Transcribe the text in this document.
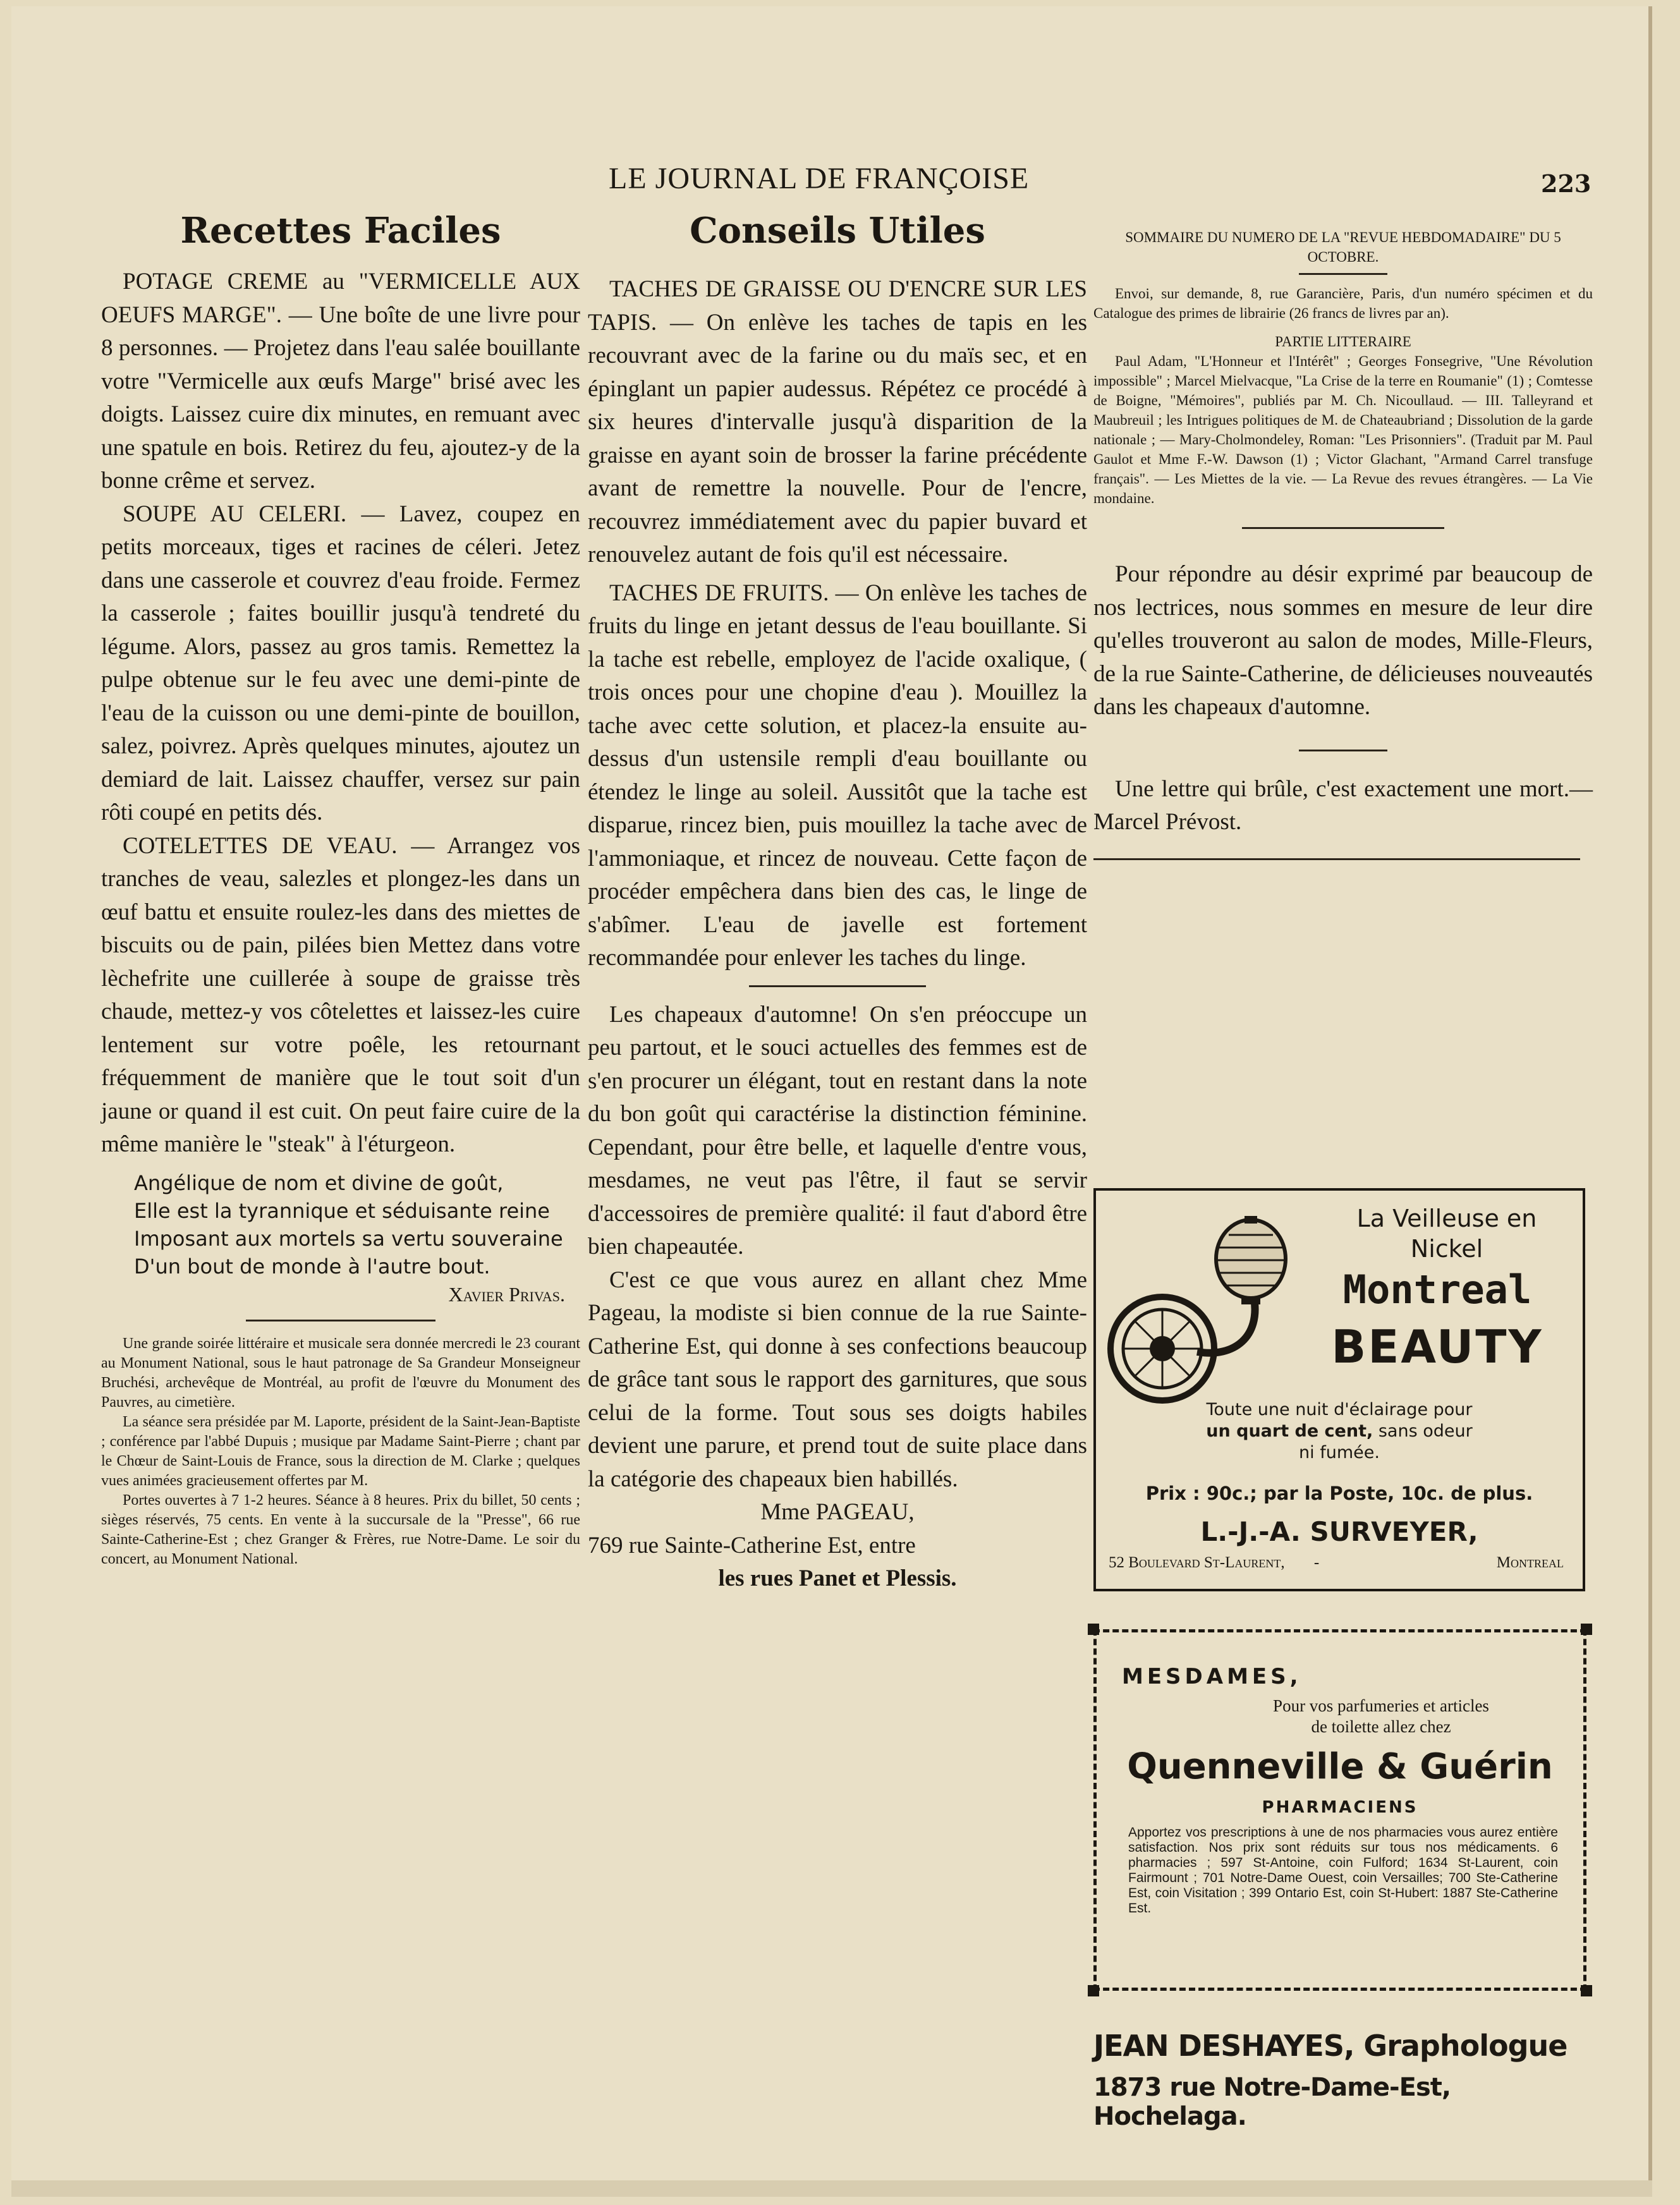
LE JOURNAL DE FRANÇOISE	223
Recettes Faciles

POTAGE CREME au "VERMICELLE AUX OEUFS MARGE". — Une boîte de une livre pour 8 personnes. — Projetez dans l'eau salée bouillante votre "Vermicelle aux œufs Marge" brisé avec les doigts. Laissez cuire dix minutes, en remuant avec une spatule en bois. Retirez du feu, ajoutez-y de la bonne crême et servez.

SOUPE AU CELERI. — Lavez, coupez en petits morceaux, tiges et racines de céleri. Jetez dans une casserole et couvrez d'eau froide. Fermez la casserole ; faites bouillir jusqu'à tendreté du légume. Alors, passez au gros tamis. Remettez la pulpe obtenue sur le feu avec une demi-pinte de l'eau de la cuisson ou une demi-pinte de bouillon, salez, poivrez. Après quelques minutes, ajoutez un demiard de lait. Laissez chauffer, versez sur pain rôti coupé en petits dés.

COTELETTES DE VEAU. — Arrangez vos tranches de veau, salezles et plongez-les dans un œuf battu et ensuite roulez-les dans des miettes de biscuits ou de pain, pilées bien Mettez dans votre lèchefrite une cuillerée à soupe de graisse très chaude, mettez-y vos côtelettes et laissez-les cuire lentement sur votre poêle, les retournant fréquemment de manière que le tout soit d'un jaune or quand il est cuit. On peut faire cuire de la même manière le "steak" à l'éturgeon.

Angélique de nom et divine de goût,

Elle est la tyrannique et séduisante reine

Imposant aux mortels sa vertu souveraine

D'un bout de monde à l'autre bout.

Xavier Privas.

Une grande soirée littéraire et musicale sera donnée mercredi le 23 courant au Monument National, sous le haut patronage de Sa Grandeur Monseigneur Bruchési, archevêque de Montréal, au profit de l'œuvre du Monument des Pauvres, au cimetière.

La séance sera présidée par M. Laporte, président de la Saint-Jean-Baptiste ; conférence par l'abbé Dupuis ; musique par Madame Saint-Pierre ; chant par le Chœur de Saint-Louis de France, sous la direction de M. Clarke ; quelques vues animées gracieusement offertes par M.

Portes ouvertes à 7 1-2 heures. Séance à 8 heures. Prix du billet, 50 cents ; sièges réservés, 75 cents. En vente à la succursale de la "Presse", 66 rue Sainte-Catherine-Est ; chez Granger & Frères, rue Notre-Dame. Le soir du concert, au Monument National.

Conseils Utiles

TACHES DE GRAISSE OU D'ENCRE SUR LES TAPIS. — On enlève les taches de tapis en les recouvrant avec de la farine ou du maïs sec, et en épinglant un papier audessus. Répétez ce procédé à six heures d'intervalle jusqu'à disparition de la graisse en ayant soin de brosser la farine précédente avant de remettre la nouvelle. Pour de l'encre, recouvrez immédiatement avec du papier buvard et renouvelez autant de fois qu'il est nécessaire.

TACHES DE FRUITS. — On enlève les taches de fruits du linge en jetant dessus de l'eau bouillante. Si la tache est rebelle, employez de l'acide oxalique, ( trois onces pour une chopine d'eau ). Mouillez la tache avec cette solution, et placez-la ensuite au-dessus d'un ustensile rempli d'eau bouillante ou étendez le linge au soleil. Aussitôt que la tache est disparue, rincez bien, puis mouillez la tache avec de l'ammoniaque, et rincez de nouveau. Cette façon de procéder empêchera dans bien des cas, le linge de s'abîmer. L'eau de javelle est fortement recommandée pour enlever les taches du linge.

Les chapeaux d'automne! On s'en préoccupe un peu partout, et le souci actuelles des femmes est de s'en procurer un élégant, tout en restant dans la note du bon goût qui caractérise la distinction féminine. Cependant, pour être belle, et laquelle d'entre vous, mesdames, ne veut pas l'être, il faut se servir d'accessoires de première qualité: il faut d'abord être bien chapeautée.

C'est ce que vous aurez en allant chez Mme Pageau, la modiste si bien connue de la rue Sainte-Catherine Est, qui donne à ses confections beaucoup de grâce tant sous le rapport des garnitures, que sous celui de la forme. Tout sous ses doigts habiles devient une parure, et prend tout de suite place dans la catégorie des chapeaux bien habillés.

Mme PAGEAU,

769 rue Sainte-Catherine Est, entre

les rues Panet et Plessis.

SOMMAIRE DU NUMERO DE LA "REVUE HEBDOMADAIRE" DU 5 OCTOBRE.

Envoi, sur demande, 8, rue Garancière, Paris, d'un numéro spécimen et du Catalogue des primes de librairie (26 francs de livres par an).

PARTIE LITTERAIRE

Paul Adam, "L'Honneur et l'Intérêt" ; Georges Fonsegrive, "Une Révolution impossible" ; Marcel Mielvacque, "La Crise de la terre en Roumanie" (1) ; Comtesse de Boigne, "Mémoires", publiés par M. Ch. Nicoullaud. — III. Talleyrand et Maubreuil ; les Intrigues politiques de M. de Chateaubriand ; Dissolution de la garde nationale ; — Mary-Cholmondeley, Roman: "Les Prisonniers". (Traduit par M. Paul Gaulot et Mme F.-W. Dawson (1) ; Victor Glachant, "Armand Carrel transfuge français". — Les Miettes de la vie. — La Revue des revues étrangères. — La Vie mondaine.

Pour répondre au désir exprimé par beaucoup de nos lectrices, nous sommes en mesure de leur dire qu'elles trouveront au salon de modes, Mille-Fleurs, de la rue Sainte-Catherine, de délicieuses nouveautés dans les chapeaux d'automne.

Une lettre qui brûle, c'est exactement une mort.—Marcel Prévost.

La Veilleuse en
Nickel
Montreal
BEAUTY
Toute une nuit d'éclairage pour
un quart de cent, sans odeur
ni fumée.
Prix : 90c.; par la Poste, 10c. de plus.
L.-J.-A. SURVEYER,
52 Boulevard St-Laurent, -	Montreal
MESDAMES,
Pour vos parfumeries et articles
de toilette allez chez
Quenneville & Guérin
PHARMACIENS
Apportez vos prescriptions à une de nos pharmacies vous aurez entière satisfaction. Nos prix sont réduits sur tous nos médicaments. 6 pharmacies ; 597 St-Antoine, coin Fulford; 1634 St-Laurent, coin Fairmount ; 701 Notre-Dame Ouest, coin Versailles; 700 Ste-Catherine Est, coin Visitation ; 399 Ontario Est, coin St-Hubert: 1887 Ste-Catherine Est.
JEAN DESHAYES, Graphologue
1873 rue Notre-Dame-Est, Hochelaga.
